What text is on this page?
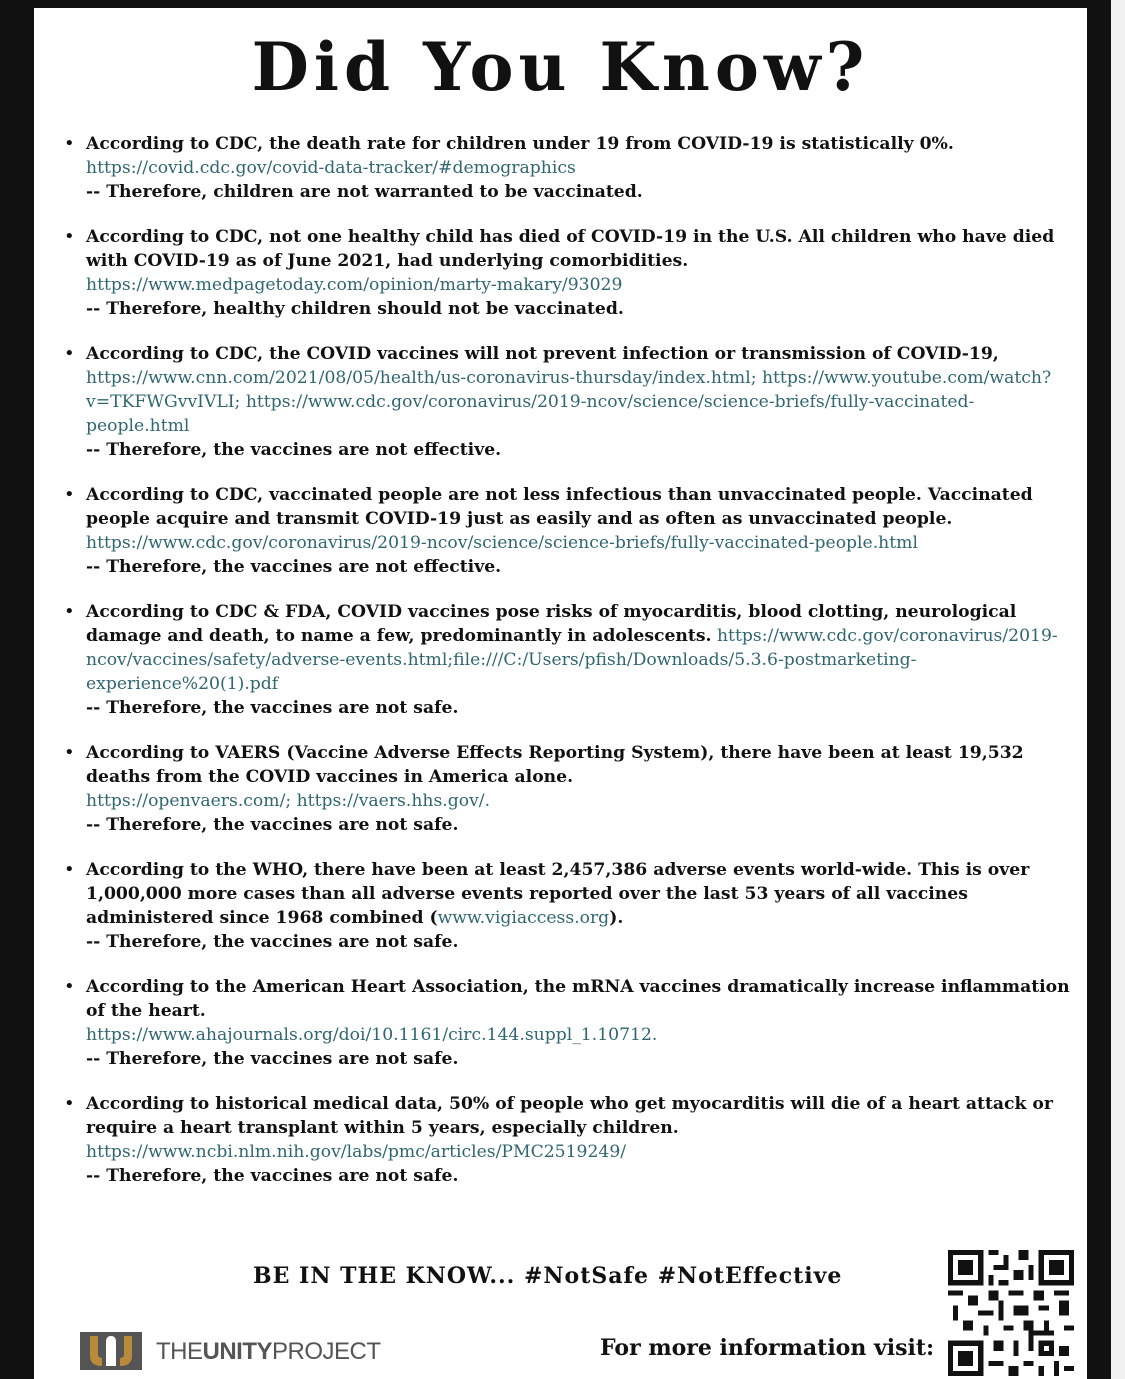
Did You Know?
• According to CDC, the death rate for children under 19 from COVID-19 is statistically 0%.
https://covid.cdc.gov/covid-data-tracker/#demographics

-- Therefore, children are not warranted to be vaccinated.
• According to CDC, not one healthy child has died of COVID-19 in the U.S. All children who have died with COVID-19 as of June 2021, had underlying comorbidities. https://www.medpagetoday.com/opinion/marty-makary/93029
-- Therefore, healthy children should not be vaccinated.
• According to CDC, the COVID vaccines will not prevent infection or transmission of COVID-19,
https://www.cnn.com/2021/08/05/health/us-coronavirus-thursday/index.html; https://www.youtube.com/watch?v=TKFWGvvIVLI; https://www.cdc.gov/coronavirus/2019-ncov/science/science-briefs/fully-vaccinated-people.html
-- Therefore, the vaccines are not effective.
• According to CDC, vaccinated people are not less infectious than unvaccinated people. Vaccinated people acquire and transmit COVID-19 just as easily and as often as unvaccinated people.
https://www.cdc.gov/coronavirus/2019-ncov/science/science-briefs/fully-vaccinated-people.html
-- Therefore, the vaccines are not effective.
• According to CDC & FDA, COVID vaccines pose risks of myocarditis, blood clotting, neurological damage and death, to name a few, predominantly in adolescents. https://www.cdc.gov/coronavirus/2019-ncov/vaccines/safety/adverse-events.html;file:///C:/Users/pfish/Downloads/5.3.6-postmarketing-experience%20(1).pdf
-- Therefore, the vaccines are not safe.
• According to VAERS (Vaccine Adverse Effects Reporting System), there have been at least 19,532 deaths from the COVID vaccines in America alone.
https://openvaers.com/; https://vaers.hhs.gov/.
-- Therefore, the vaccines are not safe.
• According to the WHO, there have been at least 2,457,386 adverse events world-wide. This is over 1,000,000 more cases than all adverse events reported over the last 53 years of all vaccines administered since 1968 combined (www.vigiaccess.org).
-- Therefore, the vaccines are not safe.
• According to the American Heart Association, the mRNA vaccines dramatically increase inflammation of the heart.
https://www.ahajournals.org/doi/10.1161/circ.144.suppl_1.10712.
-- Therefore, the vaccines are not safe.
• According to historical medical data, 50% of people who get myocarditis will die of a heart attack or require a heart transplant within 5 years, especially children.
https://www.ncbi.nlm.nih.gov/labs/pmc/articles/PMC2519249/
-- Therefore, the vaccines are not safe.
BE IN THE KNOW... #NotSafe #NotEffective
THEUNITYPROJECT	For more information visit:
